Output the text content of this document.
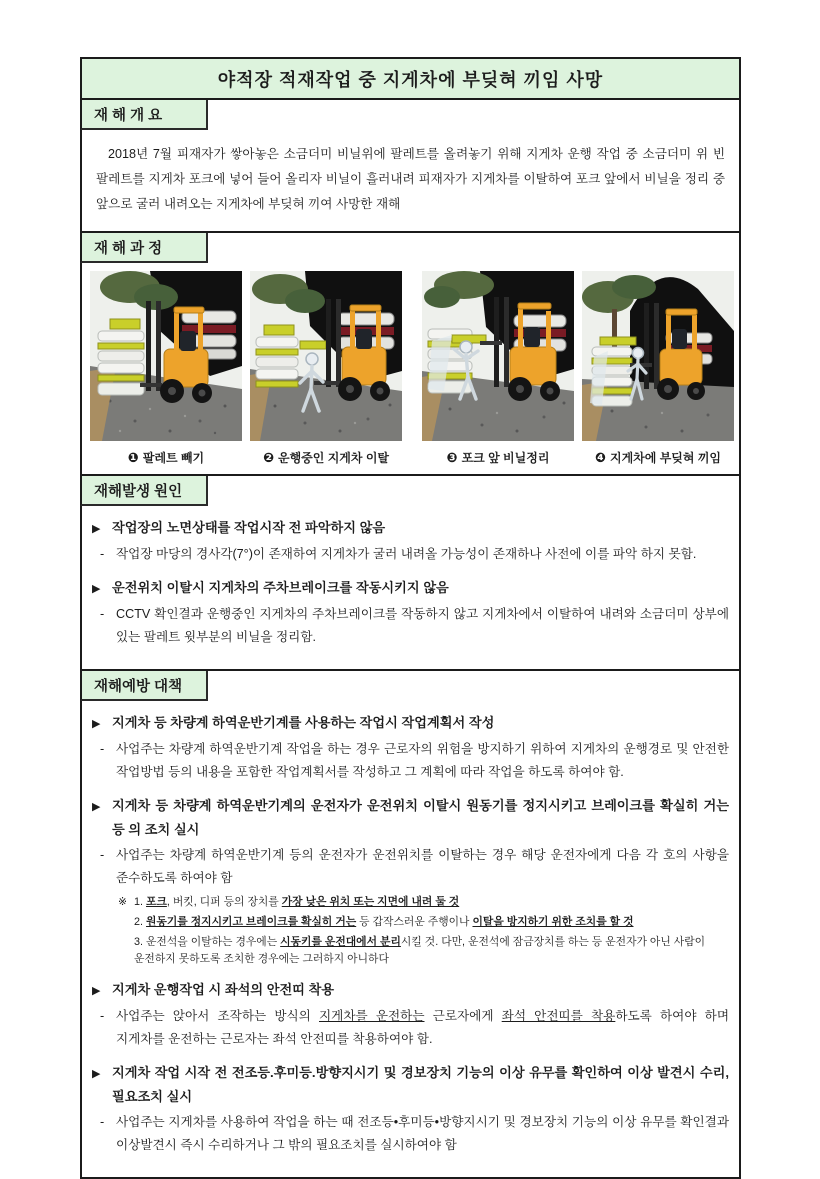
야적장 적재작업 중 지게차에 부딪혀 끼임 사망
재 해 개 요
2018년 7월 피재자가 쌓아놓은 소금더미 비닐위에 팔레트를 올려놓기 위해 지게차 운행 작업 중 소금더미 위 빈 팔레트를 지게차 포크에 넣어 들어 올리자 비닐이 흘러내려 피재자가 지게차를 이탈하여 포크 앞에서 비닐을 정리 중 앞으로 굴러 내려오는 지게차에 부딪혀 끼여 사망한 재해
재 해 과 정
❶ 팔레트 빼기	❷ 운행중인 지게차 이탈	❸ 포크 앞 비닐정리	❹ 지게차에 부딪혀 끼임
재해발생 원인
▶ 작업장의 노면상태를 작업시작 전 파악하지 않음
- 작업장 마당의 경사각(7°)이 존재하여 지게차가 굴러 내려올 가능성이 존재하나 사전에 이를 파악 하지 못함.
▶ 운전위치 이탈시 지게차의 주차브레이크를 작동시키지 않음
- CCTV 확인결과 운행중인 지게차의 주차브레이크를 작동하지 않고 지게차에서 이탈하여 내려와 소금더미 상부에 있는 팔레트 윗부분의 비닐을 정리함.
재해예방 대책
▶ 지게차 등 차량계 하역운반기계를 사용하는 작업시 작업계획서 작성
- 사업주는 차량계 하역운반기계 작업을 하는 경우 근로자의 위험을 방지하기 위하여 지게차의 운행경로 및 안전한 작업방법 등의 내용을 포함한 작업계획서를 작성하고 그 계획에 따라 작업을 하도록 하여야 함.
▶ 지게차 등 차량계 하역운반기계의 운전자가 운전위치 이탈시 원동기를 정지시키고 브레이크를 확실히 거는 등 의 조치 실시
- 사업주는 차량계 하역운반기계 등의 운전자가 운전위치를 이탈하는 경우 해당 운전자에게 다음 각 호의 사항을 준수하도록 하여야 함
※ 1. 포크, 버킷, 디퍼 등의 장치를 가장 낮은 위치 또는 지면에 내려 둘 것
2. 원동기를 정지시키고 브레이크를 확실히 거는 등 갑작스러운 주행이나 이탈을 방지하기 위한 조치를 할 것
3. 운전석을 이탈하는 경우에는 시동키를 운전대에서 분리시킬 것. 다만, 운전석에 잠금장치를 하는 등 운전자가 아닌 사람이 운전하지 못하도록 조치한 경우에는 그러하지 아니하다
▶ 지게차 운행작업 시 좌석의 안전띠 착용
- 사업주는 앉아서 조작하는 방식의 지게차를 운전하는 근로자에게 좌석 안전띠를 착용하도록 하여야 하며 지게차를 운전하는 근로자는 좌석 안전띠를 착용하여야 함.
▶ 지게차 작업 시작 전 전조등.후미등.방향지시기 및 경보장치 기능의 이상 유무를 확인하여 이상 발견시 수리, 필요조치 실시
- 사업주는 지게차를 사용하여 작업을 하는 때 전조등•후미등•방향지시기 및 경보장치 기능의 이상 유무를 확인결과 이상발견시 즉시 수리하거나 그 밖의 필요조치를 실시하여야 함
